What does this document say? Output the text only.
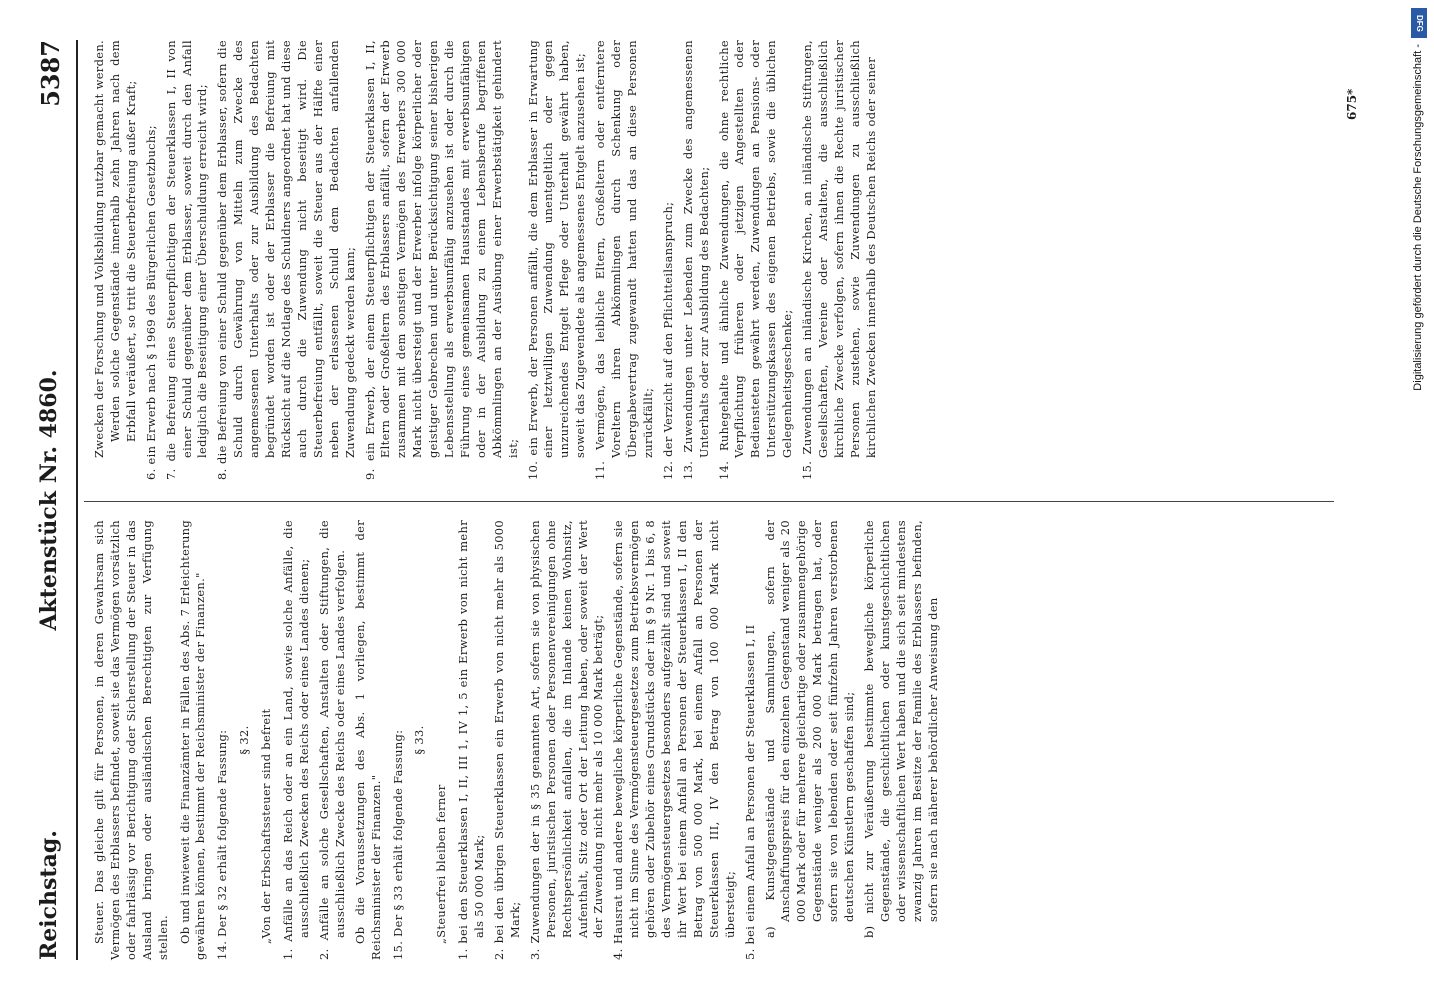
Reichstag.
Aktenstück Nr. 4860.
5387

Steuer. Das gleiche gilt für Personen, in deren Gewahrsam sich Vermögen des Erblassers befindet, soweit sie das Vermögen vorsätzlich oder fahrlässig vor Berichtigung oder Sicherstellung der Steuer in das Ausland bringen oder ausländischen Berechtigten zur Verfügung stellen. Ob und inwieweit die Finanzämter in Fällen des Abs. 7 Erleichterung gewähren können, bestimmt der Reichsminister der Finanzen." 14. Der § 32 erhält folgende Fassung: § 32. „Von der Erbschaftssteuer sind befreit 1. Anfälle an das Reich oder an ein Land, sowie solche Anfälle, die ausschließlich Zwecken des Reichs oder eines Landes dienen; 2. Anfälle an solche Gesellschaften, Anstalten oder Stiftungen, die ausschließlich Zwecke des Reichs oder eines Landes verfolgen. Ob die Voraussetzungen des Abs. 1 vorliegen, bestimmt der Reichsminister der Finanzen." 15. Der § 33 erhält folgende Fassung: § 33.

„Steuerfrei bleiben ferner 1. bei den Steuerklassen I, II, III 1, IV 1, 5 ein Erwerb von nicht mehr als 50 000 Mark; 2. bei den übrigen Steuerklassen ein Erwerb von nicht mehr als 5000 Mark; 3. Zuwendungen der in § 35 genannten Art, sofern sie von physischen Personen, juristischen Personen oder Personenvereinigungen ohne Rechtspersönlichkeit anfallen, die im Inlande keinen Wohnsitz, Aufenthalt, Sitz oder Ort der Leitung haben, oder soweit der Wert der Zuwendung nicht mehr als 10 000 Mark beträgt; 4. Hausrat und andere bewegliche körperliche Gegenstände, sofern sie nicht im Sinne des Vermögensteuergesetzes zum Betriebsvermögen gehören oder Zubehör eines Grundstücks oder im § 9 Nr. 1 bis 6, 8 des Vermögensteuergesetzes besonders aufgezählt sind und soweit ihr Wert bei einem Anfall an Personen der Steuerklassen I, II den Betrag von 500 000 Mark, bei einem Anfall an Personen der Steuerklassen III, IV den Betrag von 100 000 Mark nicht übersteigt; 5. bei einem Anfall an Personen der Steuerklassen I, II a) Kunstgegenstände und Sammlungen, sofern der Anschaffungspreis für den einzelnen Gegenstand weniger als 20 000 Mark oder für mehrere gleichartige oder zusammengehörige Gegenstände weniger als 200 000 Mark betragen hat, oder sofern sie von lebenden oder seit fünfzehn Jahren verstorbenen deutschen Künstlern geschaffen sind; b) nicht zur Veräußerung bestimmte bewegliche körperliche Gegenstände, die geschichtlichen oder kunstgeschichtlichen oder wissenschaftlichen Wert haben und die sich seit mindestens zwanzig Jahren im Besitze der Familie des Erblassers befinden, sofern sie nach näherer behördlicher Anweisung den
Zwecken der Forschung und Volksbildung nutzbar gemacht werden. Werden solche Gegenstände innerhalb zehn Jahren nach dem Erbfall veräußert, so tritt die Steuerbefreiung außer Kraft; 6. ein Erwerb nach § 1969 des Bürgerlichen Gesetzbuchs; 7. die Befreiung eines Steuerpflichtigen der Steuerklassen I, II von einer Schuld gegenüber dem Erblasser, soweit durch den Anfall lediglich die Beseitigung einer Überschuldung erreicht wird; 8. die Befreiung von einer Schuld gegenüber dem Erblasser, sofern die Schuld durch Gewährung von Mitteln zum Zwecke des angemessenen Unterhalts oder zur Ausbildung des Bedachten begründet worden ist oder der Erblasser die Befreiung mit Rücksicht auf die Notlage des Schuldners angeordnet hat und diese auch durch die Zuwendung nicht beseitigt wird. Die Steuerbefreiung entfällt, soweit die Steuer aus der Hälfte einer neben der erlassenen Schuld dem Bedachten anfallenden Zuwendung gedeckt werden kann; 9. ein Erwerb, der einem Steuerpflichtigen der Steuerklassen I, II, Eltern oder Großeltern des Erblassers anfällt, sofern der Erwerb zusammen mit dem sonstigen Vermögen des Erwerbers 300 000 Mark nicht übersteigt und der Erwerber infolge körperlicher oder geistiger Gebrechen und unter Berücksichtigung seiner bisherigen Lebensstellung als erwerbsunfähig anzusehen ist oder durch die Führung eines gemeinsamen Hausstandes mit erwerbsunfähigen oder in der Ausbildung zu einem Lebensberufe begriffenen Abkömmlingen an der Ausübung einer Erwerbstätigkeit gehindert ist; 10. ein Erwerb, der Personen anfällt, die dem Erblasser in Erwartung einer letztwilligen Zuwendung unentgeltlich oder gegen unzureichendes Entgelt Pflege oder Unterhalt gewährt haben, soweit das Zugewendete als angemessenes Entgelt anzusehen ist; 11. Vermögen, das leibliche Eltern, Großeltern oder entferntere Voreltern ihren Abkömmlingen durch Schenkung oder Übergabevertrag zugewandt hatten und das an diese Personen zurückfällt; 12. der Verzicht auf den Pflichtteilsanspruch; 13. Zuwendungen unter Lebenden zum Zwecke des angemessenen Unterhalts oder zur Ausbildung des Bedachten; 14. Ruhegehalte und ähnliche Zuwendungen, die ohne rechtliche Verpflichtung früheren oder jetzigen Angestellten oder Bediensteten gewährt werden, Zuwendungen an Pensions- oder Unterstützungskassen des eigenen Betriebs, sowie die üblichen Gelegenheitsgeschenke; 15. Zuwendungen an inländische Kirchen, an inländische Stiftungen, Gesellschaften, Vereine oder Anstalten, die ausschließlich kirchliche Zwecke verfolgen, sofern ihnen die Rechte juristischer Personen zustehen, sowie Zuwendungen zu ausschließlich kirchlichen Zwecken innerhalb des Deutschen Reichs oder seiner	675*
DFG
Digitalisierung gefördert durch die Deutsche Forschungsgemeinschaft -
